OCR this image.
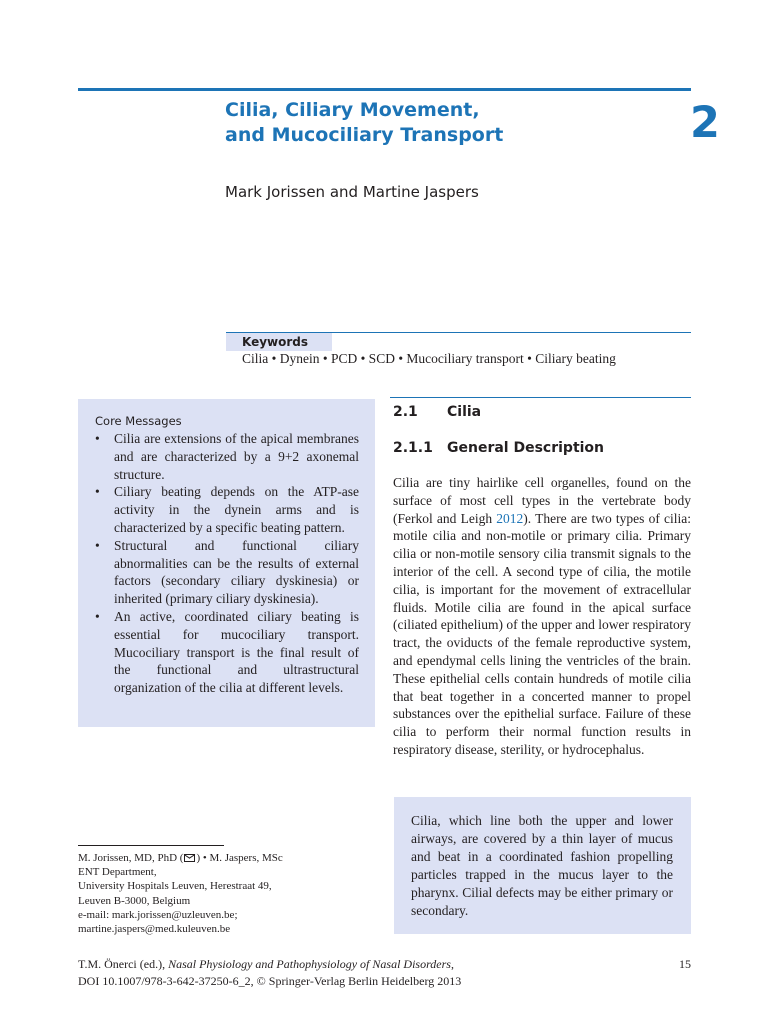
Cilia, Ciliary Movement,
and Mucociliary Transport	2
Mark Jorissen and Martine Jaspers
Keywords
Cilia • Dynein • PCD • SCD • Mucociliary transport • Ciliary beating
Core Messages
• Cilia are extensions of the apical membranes and are characterized by a 9+2 axonemal structure.
• Ciliary beating depends on the ATP-ase activity in the dynein arms and is characterized by a specific beating pattern.
• Structural and functional ciliary abnormalities can be the results of external factors (secondary ciliary dyskinesia) or inherited (primary ciliary dyskinesia).
• An active, coordinated ciliary beating is essential for mucociliary transport. Mucociliary transport is the final result of the functional and ultrastructural organization of the cilia at different levels.
2.1 Cilia
2.1.1 General Description

Cilia are tiny hairlike cell organelles, found on the surface of most cell types in the vertebrate body (Ferkol and Leigh 2012). There are two types of cilia: motile cilia and non-motile or primary cilia. Primary cilia or non-motile sensory cilia transmit signals to the interior of the cell. A second type of cilia, the motile cilia, is important for the movement of extracellular fluids. Motile cilia are found in the apical surface (ciliated epithelium) of the upper and lower respiratory tract, the oviducts of the female reproductive system, and ependymal cells lining the ventricles of the brain. These epithelial cells contain hundreds of motile cilia that beat together in a concerted manner to propel substances over the epithelial surface. Failure of these cilia to perform their normal function results in respiratory disease, sterility, or hydrocephalus.

Cilia, which line both the upper and lower airways, are covered by a thin layer of mucus and beat in a coordinated fashion propelling particles trapped in the mucus layer to the pharynx. Cilial defects may be either primary or secondary.
M. Jorissen, MD, PhD ( ) • M. Jaspers, MSc
ENT Department,
University Hospitals Leuven, Herestraat 49,
Leuven B-3000, Belgium
e-mail: mark.jorissen@uzleuven.be;
martine.jaspers@med.kuleuven.be
T.M. Önerci (ed.), Nasal Physiology and Pathophysiology of Nasal Disorders,
DOI 10.1007/978-3-642-37250-6_2, © Springer-Verlag Berlin Heidelberg 2013
15
